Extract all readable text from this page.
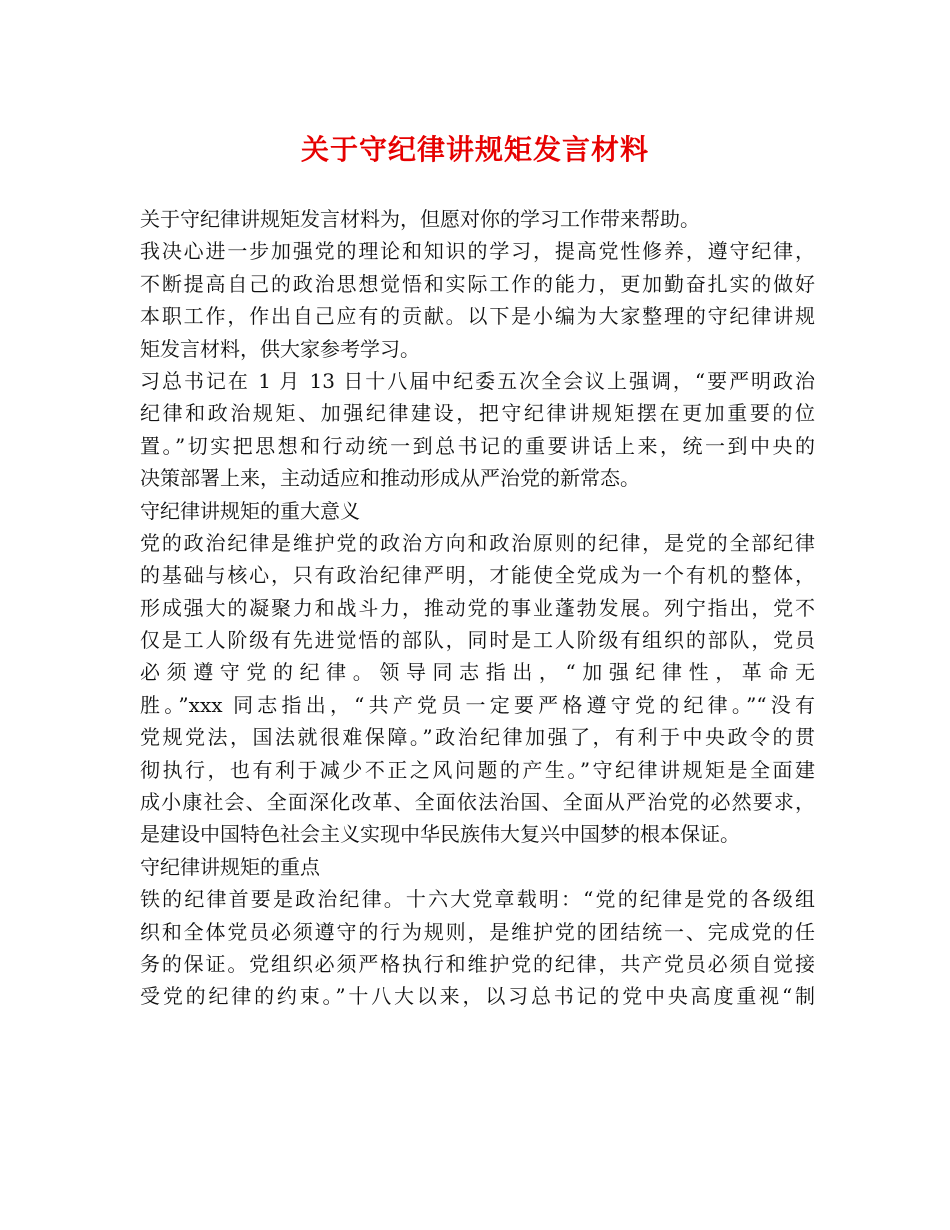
关于守纪律讲规矩发言材料
关于守纪律讲规矩发言材料为，但愿对你的学习工作带来帮助。
我决心进一步加强党的理论和知识的学习，提高党性修养，遵守纪律，
不断提高自己的政治思想觉悟和实际工作的能力，更加勤奋扎实的做好
本职工作，作出自己应有的贡献。以下是小编为大家整理的守纪律讲规
矩发言材料，供大家参考学习。
习总书记在 1 月 13 日十八届中纪委五次全会议上强调，“要严明政治
纪律和政治规矩、加强纪律建设，把守纪律讲规矩摆在更加重要的位
置。”切实把思想和行动统一到总书记的重要讲话上来，统一到中央的
决策部署上来，主动适应和推动形成从严治党的新常态。
守纪律讲规矩的重大意义
党的政治纪律是维护党的政治方向和政治原则的纪律，是党的全部纪律
的基础与核心，只有政治纪律严明，才能使全党成为一个有机的整体，
形成强大的凝聚力和战斗力，推动党的事业蓬勃发展。列宁指出，党不
仅是工人阶级有先进觉悟的部队，同时是工人阶级有组织的部队，党员
必 须 遵 守 党 的 纪 律 。 领 导 同 志 指 出 ， “ 加 强 纪 律 性 ， 革 命 无
胜。”xxx 同志指出，“共产党员一定要严格遵守党的纪律。”“没有
党规党法，国法就很难保障。”政治纪律加强了，有利于中央政令的贯
彻执行，也有利于减少不正之风问题的产生。”守纪律讲规矩是全面建
成小康社会、全面深化改革、全面依法治国、全面从严治党的必然要求，
是建设中国特色社会主义实现中华民族伟大复兴中国梦的根本保证。
守纪律讲规矩的重点
铁的纪律首要是政治纪律。十六大党章载明：“党的纪律是党的各级组
织和全体党员必须遵守的行为规则，是维护党的团结统一、完成党的任
务的保证。党组织必须严格执行和维护党的纪律，共产党员必须自觉接
受党的纪律的约束。”十八大以来，以习总书记的党中央高度重视“制
